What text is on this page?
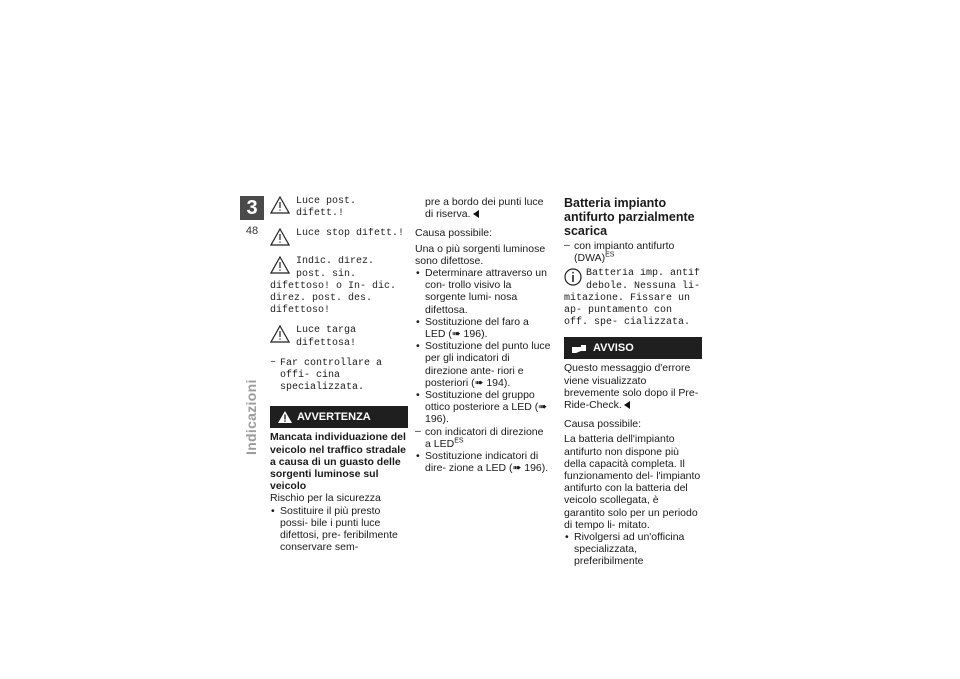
3
48
Indicazioni
Luce post. difett.!
Luce stop difett.!
Indic. direz. post. sin. difettoso! o In- dic. direz. post. des. difettoso!
Luce targa difettosa!
– Far controllare a offi- cina specializzata.
AVVERTENZA
Mancata individuazione del veicolo nel traffico stradale a causa di un guasto delle sorgenti luminose sul veicolo
Rischio per la sicurezza
• Sostituire il più presto possi- bile i punti luce difettosi, pre- feribilmente conservare sem-
pre a bordo dei punti luce di riserva.
Causa possibile:
Una o più sorgenti luminose sono difettose.
• Determinare attraverso un con- trollo visivo la sorgente lumi- nosa difettosa.
• Sostituzione del faro a LED (➠ 196).
• Sostituzione del punto luce per gli indicatori di direzione ante- riori e posteriori (➠ 194).
• Sostituzione del gruppo ottico posteriore a LED (➠ 196).
– con indicatori di direzione a $LED^{ES}$
• Sostituzione indicatori di dire- zione a LED (➠ 196).
Batteria impianto antifurto parzialmente scarica
– con impianto antifurto (DWA)$^{ES}$
Batteria imp. antif debole. Nessuna li- mitazione. Fissare un ap- puntamento con off. spe- cializzata.
AVVISO
Questo messaggio d'errore viene visualizzato brevemente solo dopo il Pre-Ride-Check.
Causa possibile:
La batteria dell'impianto antifurto non dispone più della capacità completa. Il funzionamento del- l'impianto antifurto con la batteria del veicolo scollegata, è garantito solo per un periodo di tempo li- mitato.
• Rivolgersi ad un'officina specializzata, preferibilmente
